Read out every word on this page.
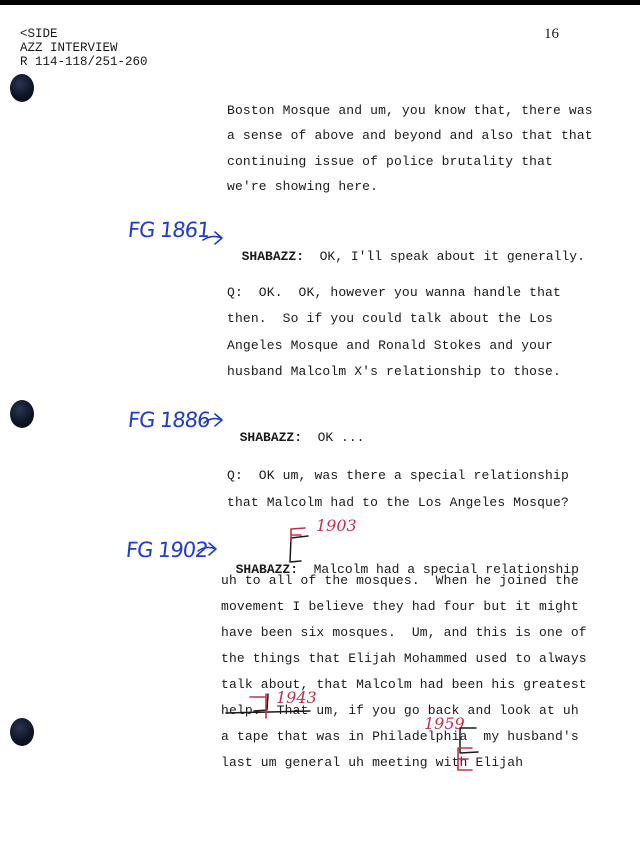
<SIDE
AZZ INTERVIEW
R 114-118/251-260
16
Boston Mosque and um, you know that, there was
a sense of above and beyond and also that that
continuing issue of police brutality that
we're showing here.
FG 1861

SHABAZZ:  OK, I'll speak about it generally.

Q:  OK.  OK, however you wanna handle that
then.  So if you could talk about the Los
Angeles Mosque and Ronald Stokes and your
husband Malcolm X's relationship to those.
FG 1886

SHABAZZ:  OK ...

Q:  OK um, was there a special relationship
that Malcolm had to the Los Angeles Mosque?
FG 1902
1903

SHABAZZ:  Malcolm had a special relationship

uh to all of the mosques.  When he joined the
movement I believe they had four but it might
have been six mosques.  Um, and this is one of
the things that Elijah Mohammed used to always
talk about, that Malcolm had been his greatest
help.  That um, if you go back and look at uh
a tape that was in Philadelphia  my husband's
last um general uh meeting with Elijah
1943
1959
